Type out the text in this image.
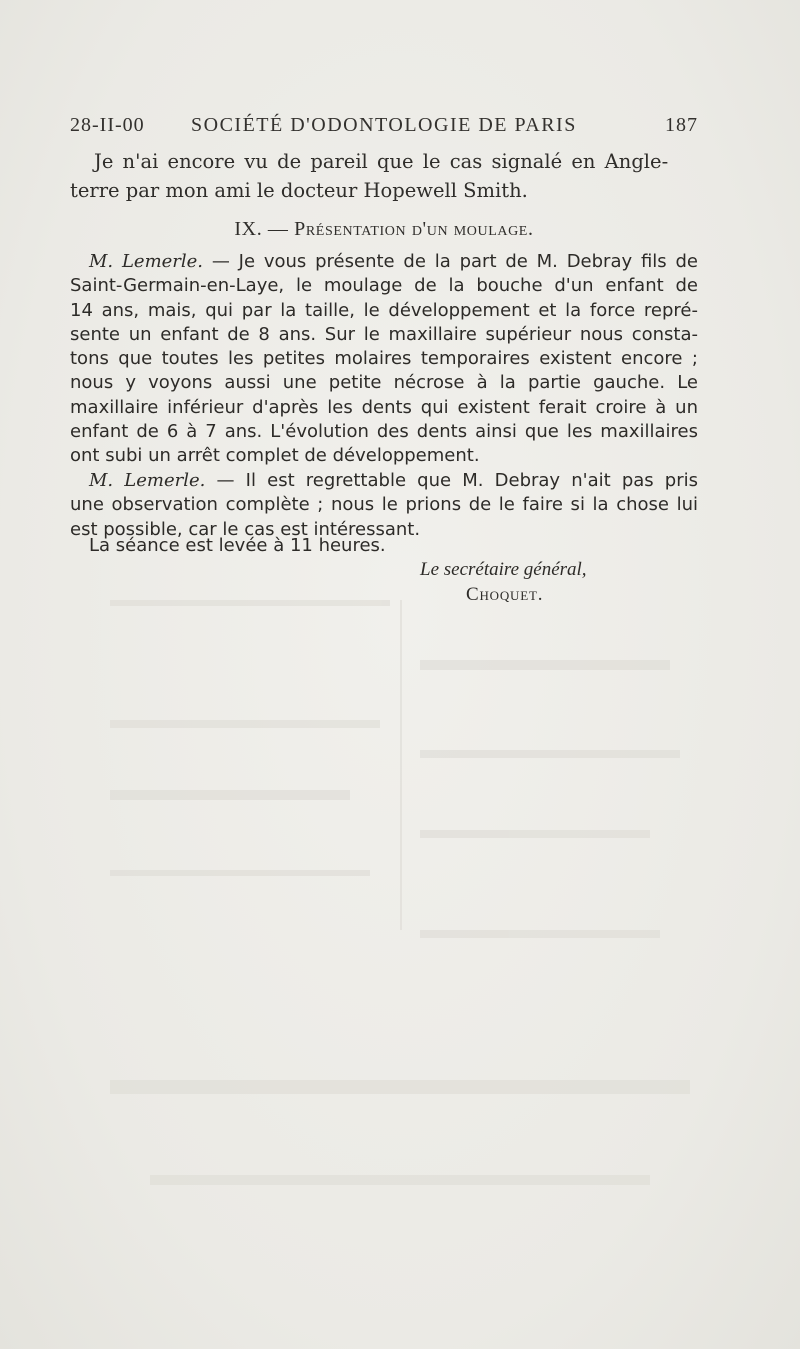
28-II-00 SOCIÉTÉ D'ODONTOLOGIE DE PARIS	187
Je n'ai encore vu de pareil que le cas signalé en Angle-
terre par mon ami le docteur Hopewell Smith.
IX. — Présentation d'un moulage.
M. Lemerle. — Je vous présente de la part de M. Debray fils de
Saint-Germain-en-Laye, le moulage de la bouche d'un enfant de
14 ans, mais, qui par la taille, le développement et la force repré-
sente un enfant de 8 ans. Sur le maxillaire supérieur nous consta-
tons que toutes les petites molaires temporaires existent encore ;
nous y voyons aussi une petite nécrose à la partie gauche. Le
maxillaire inférieur d'après les dents qui existent ferait croire à un
enfant de 6 à 7 ans. L'évolution des dents ainsi que les maxillaires
ont subi un arrêt complet de développement.
M. Lemerle. — Il est regrettable que M. Debray n'ait pas pris
une observation complète ; nous le prions de le faire si la chose lui
est possible, car le cas est intéressant.
La séance est levée à 11 heures.
Le secrétaire général,
Choquet.
